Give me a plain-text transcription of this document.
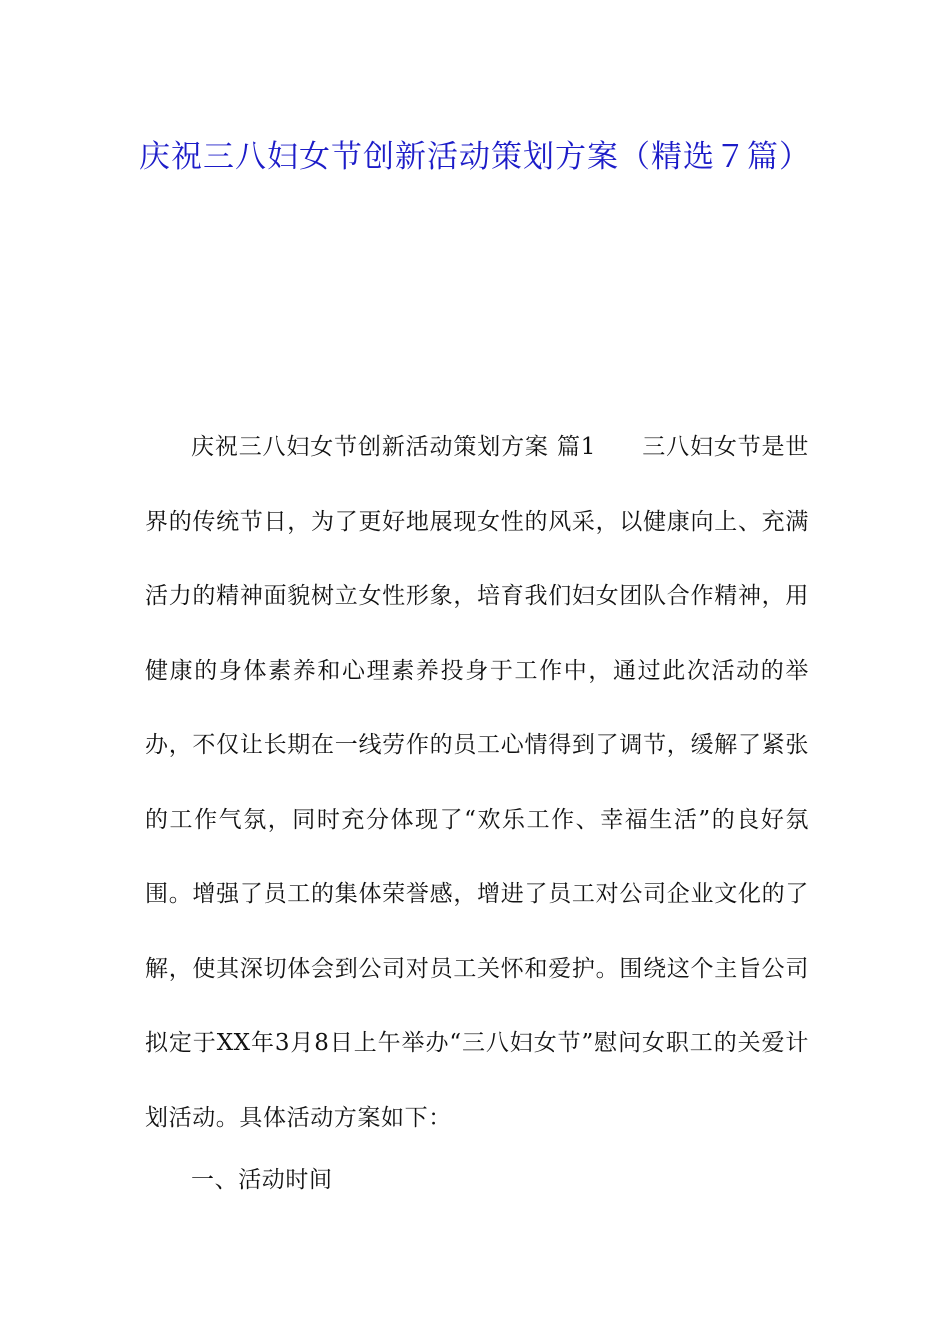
庆祝三八妇女节创新活动策划方案（精选７篇）

庆祝三八妇女节创新活动策划方案 篇1 三八妇女节是世界的传统节日，为了更好地展现女性的风采，以健康向上、充满活力的精神面貌树立女性形象，培育我们妇女团队合作精神，用健康的身体素养和心理素养投身于工作中，通过此次活动的举办，不仅让长期在一线劳作的员工心情得到了调节，缓解了紧张的工作气氛，同时充分体现了“欢乐工作、幸福生活”的良好氛围。增强了员工的集体荣誉感，增进了员工对公司企业文化的了解，使其深切体会到公司对员工关怀和爱护。围绕这个主旨公司拟定于XX年3月8日上午举办“三八妇女节”慰问女职工的关爱计划活动。具体活动方案如下：

一、活动时间
